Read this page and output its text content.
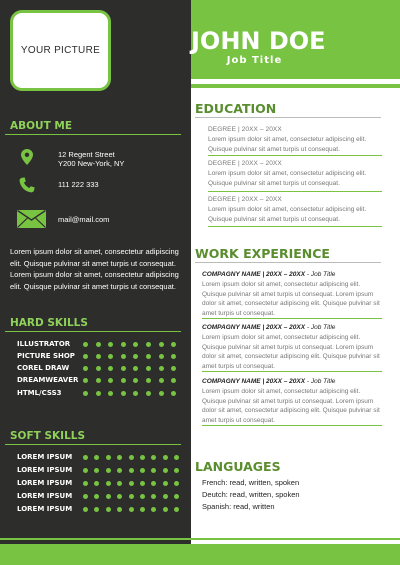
YOUR PICTURE	JOHN DOE
Job Title
ABOUT ME
12 Regent Street
Y200 New-York, NY
111 222 333
mail@mail.com
Lorem ipsum dolor sit amet, consectetur adipiscing elit. Quisque pulvinar sit amet turpis ut consequat. Lorem ipsum dolor sit amet, consectetur adipiscing elit. Quisque pulvinar sit amet turpis ut consequat.
HARD SKILLS
ILLUSTRATOR
PICTURE SHOP
COREL DRAW
DREAMWEAVER
HTML/CSS3
SOFT SKILLS
LOREM IPSUM
LOREM IPSUM
LOREM IPSUM
LOREM IPSUM
LOREM IPSUM
EDUCATION
DEGREE | 20XX – 20XX
Lorem ipsum dolor sit amet, consectetur adipiscing elit. Quisque pulvinar sit amet turpis ut consequat.
DEGREE | 20XX – 20XX
Lorem ipsum dolor sit amet, consectetur adipiscing elit. Quisque pulvinar sit amet turpis ut consequat.
DEGREE | 20XX – 20XX
Lorem ipsum dolor sit amet, consectetur adipiscing elit. Quisque pulvinar sit amet turpis ut consequat.
WORK EXPERIENCE
COMPAGNY NAME | 20XX – 20XX - Job Title
Lorem ipsum dolor sit amet, consectetur adipiscing elit. Quisque pulvinar sit amet turpis ut consequat. Lorem ipsum dolor sit amet, consectetur adipiscing elit. Quisque pulvinar sit amet turpis ut consequat.
COMPAGNY NAME | 20XX – 20XX - Job Title
Lorem ipsum dolor sit amet, consectetur adipiscing elit. Quisque pulvinar sit amet turpis ut consequat. Lorem ipsum dolor sit amet, consectetur adipiscing elit. Quisque pulvinar sit amet turpis ut consequat.
COMPAGNY NAME | 20XX – 20XX - Job Title
Lorem ipsum dolor sit amet, consectetur adipiscing elit. Quisque pulvinar sit amet turpis ut consequat. Lorem ipsum dolor sit amet, consectetur adipiscing elit. Quisque pulvinar sit amet turpis ut consequat.
LANGUAGES
French: read, written, spoken
Deutch: read, written, spoken
Spanish: read, written
